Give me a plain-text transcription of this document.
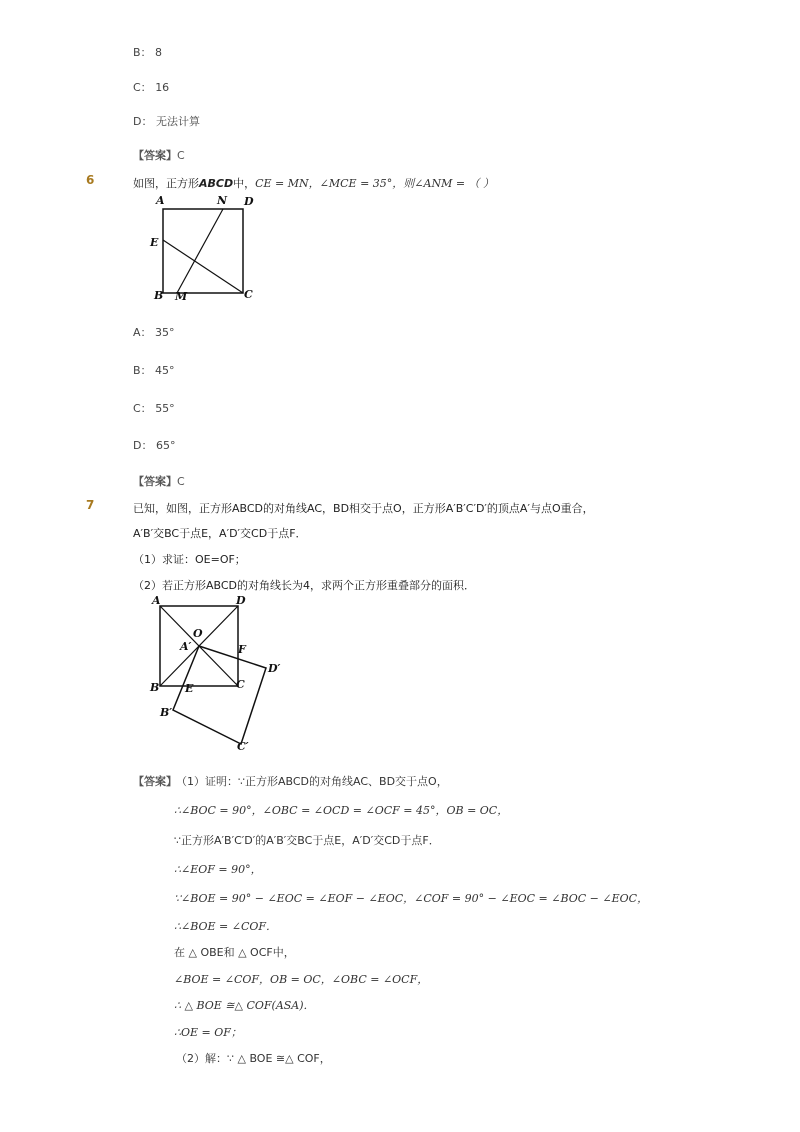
B： 8
C： 16
D： 无法计算
【答案】C
6	如图，正方形ABCD中，CE = MN，∠MCE = 35°，则∠ANM = （ ）
A	N D
E
B M	C
A： 35°
B： 45°
C： 55°
D： 65°
【答案】C
7	已知，如图，正方形ABCD的对角线AC，BD相交于点O，正方形A′B′C′D′的顶点A′与点O重合，
A′B′交BC于点E，A′D′交CD于点F．
（1）求证：OE=OF；
（2）若正方形ABCD的对角线长为4，求两个正方形重叠部分的面积．
A	D
O
A′	F
D′
B E	C
B′
C′
【答案】 （1）证明：∵正方形ABCD的对角线AC、BD交于点O，
∴∠BOC = 90°，∠OBC = ∠OCD = ∠OCF = 45°，OB = OC，
∵正方形A′B′C′D′的A′B′交BC于点E，A′D′交CD于点F．
∴∠EOF = 90°，
∵∠BOE = 90° − ∠EOC = ∠EOF − ∠EOC，∠COF = 90° − ∠EOC = ∠BOC − ∠EOC，
∴∠BOE = ∠COF．
在 △ OBE和 △ OCF中，
∠BOE = ∠COF，OB = OC，∠OBC = ∠OCF，
∴ △ BOE ≅△ COF(ASA)．
∴OE = OF；
（2）解：∵ △ BOE ≅△ COF，
